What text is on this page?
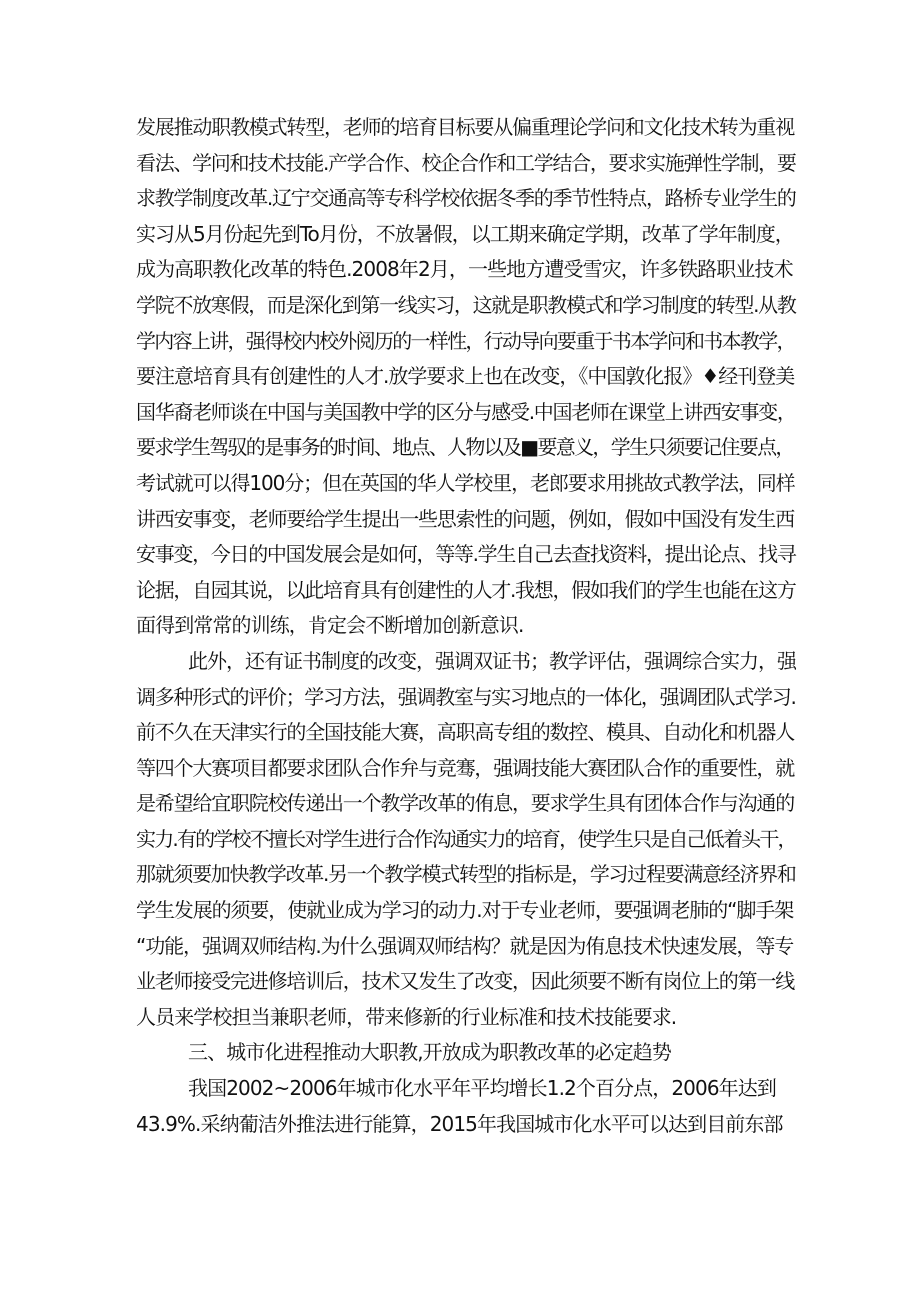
发展推动职教模式转型，老师的培育目标要从偏重理论学问和文化技术转为重视
看法、学问和技术技能.产学合作、校企合作和工学结合，要求实施弹性学制，要
求教学制度改革.辽宁交通高等专科学校依据冬季的季节性特点，路桥专业学生的
实习从5月份起先到To月份，不放暑假，以工期来确定学期，改革了学年制度，
成为高职教化改革的特色.2008年2月，一些地方遭受雪灾，许多铁路职业技术
学院不放寒假，而是深化到第一线实习，这就是职教模式和学习制度的转型.从教
学内容上讲，强得校内校外阅历的一样性，行动导向要重于书本学问和书本教学，
要注意培育具有创建性的人才.放学要求上也在改变，《中国敦化报》♦经刊登美
国华裔老师谈在中国与美国教中学的区分与感受.中国老师在课堂上讲西安事变，
要求学生驾驭的是事务的时间、地点、人物以及■要意义，学生只须要记住要点，
考试就可以得100分；但在英国的华人学校里，老郎要求用挑故式教学法，同样
讲西安事变，老师要给学生提出一些思索性的问题，例如，假如中国没有发生西
安事变，今日的中国发展会是如何，等等.学生自己去查找资料，提出论点、找寻
论据，自园其说，以此培育具有创建性的人才.我想，假如我们的学生也能在这方
面得到常常的训练，肯定会不断增加创新意识.
此外，还有证书制度的改变，强调双证书；教学评估，强调综合实力，强
调多种形式的评价；学习方法，强调教室与实习地点的一体化，强调团队式学习.
前不久在天津实行的全国技能大赛，高职高专组的数控、模具、自动化和机器人
等四个大赛项目都要求团队合作弁与竞骞，强调技能大赛团队合作的重要性，就
是希望给宜职院校传递出一个教学改革的侑息，要求学生具有团体合作与沟通的
实力.有的学校不擅长对学生进行合作沟通实力的培育，使学生只是自己低着头干，
那就须要加快教学改革.另一个教学模式转型的指标是，学习过程要满意经济界和
学生发展的须要，使就业成为学习的动力.对于专业老师，要强调老肺的“脚手架
“功能，强调双师结构.为什么强调双师结构？就是因为侑息技术快速发展，等专
业老师接受完进修培训后，技术又发生了改变，因此须要不断有岗位上的第一线
人员来学校担当兼职老师，带来修新的行业标准和技术技能要求.
三、城市化进程推动大职教,开放成为职教改革的必定趋势
我国2002~2006年城市化水平年平均增长1.2个百分点，2006年达到
43.9%.采纳葡洁外推法进行能算，2015年我国城市化水平可以达到目前东部
